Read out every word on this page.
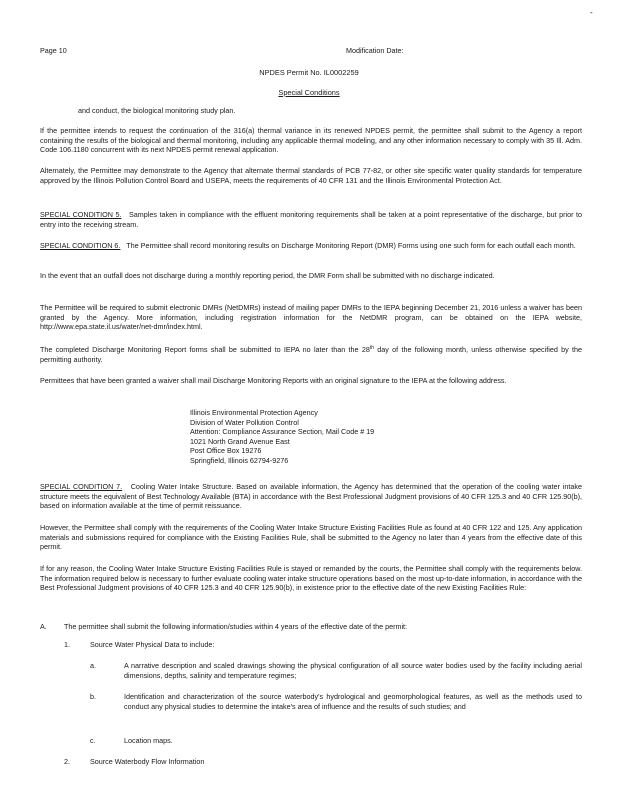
-
Page 10	Modification Date:
NPDES Permit No. IL0002259
Special Conditions
and conduct, the biological monitoring study plan.

If the permittee intends to request the continuation of the 316(a) thermal variance in its renewed NPDES permit, the permittee shall submit to the Agency a report containing the results of the biological and thermal monitoring, including any applicable thermal modeling, and any other information necessary to comply with 35 Ill. Adm. Code 106.1180 concurrent with its next NPDES permit renewal application.

Alternately, the Permittee may demonstrate to the Agency that alternate thermal standards of PCB 77-82, or other site specific water quality standards for temperature approved by the Illinois Pollution Control Board and USEPA, meets the requirements of 40 CFR 131 and the Illinois Environmental Protection Act.

SPECIAL CONDITION 5. Samples taken in compliance with the effluent monitoring requirements shall be taken at a point representative of the discharge, but prior to entry into the receiving stream.

SPECIAL CONDITION 6. The Permittee shall record monitoring results on Discharge Monitoring Report (DMR) Forms using one such form for each outfall each month.

In the event that an outfall does not discharge during a monthly reporting period, the DMR Form shall be submitted with no discharge indicated.

The Permittee will be required to submit electronic DMRs (NetDMRs) instead of mailing paper DMRs to the IEPA beginning December 21, 2016 unless a waiver has been granted by the Agency. More information, including registration information for the NetDMR program, can be obtained on the IEPA website, http://www.epa.state.il.us/water/net-dmr/index.html.

The completed Discharge Monitoring Report forms shall be submitted to IEPA no later than the 28th day of the following month, unless otherwise specified by the permitting authority.

Permittees that have been granted a waiver shall mail Discharge Monitoring Reports with an original signature to the IEPA at the following address.

Illinois Environmental Protection Agency
Division of Water Pollution Control
Attention: Compliance Assurance Section, Mail Code # 19
1021 North Grand Avenue East
Post Office Box 19276
Springfield, Illinois 62794-9276

SPECIAL CONDITION 7. Cooling Water Intake Structure. Based on available information, the Agency has determined that the operation of the cooling water intake structure meets the equivalent of Best Technology Available (BTA) in accordance with the Best Professional Judgment provisions of 40 CFR 125.3 and 40 CFR 125.90(b), based on information available at the time of permit reissuance.

However, the Permittee shall comply with the requirements of the Cooling Water Intake Structure Existing Facilities Rule as found at 40 CFR 122 and 125. Any application materials and submissions required for compliance with the Existing Facilities Rule, shall be submitted to the Agency no later than 4 years from the effective date of this permit.

If for any reason, the Cooling Water Intake Structure Existing Facilities Rule is stayed or remanded by the courts, the Permittee shall comply with the requirements below. The information required below is necessary to further evaluate cooling water intake structure operations based on the most up-to-date information, in accordance with the Best Professional Judgment provisions of 40 CFR 125.3 and 40 CFR 125.90(b), in existence prior to the effective date of the new Existing Facilities Rule:

A. The permittee shall submit the following information/studies within 4 years of the effective date of the permit:
1.	Source Water Physical Data to include:
a.	A narrative description and scaled drawings showing the physical configuration of all source water bodies used by the facility including aerial dimensions, depths, salinity and temperature regimes;

b.	Identification and characterization of the source waterbody's hydrological and geomorphological features, as well as the methods used to conduct any physical studies to determine the intake's area of influence and the results of such studies; and

c.	Location maps.
2.	Source Waterbody Flow Information
